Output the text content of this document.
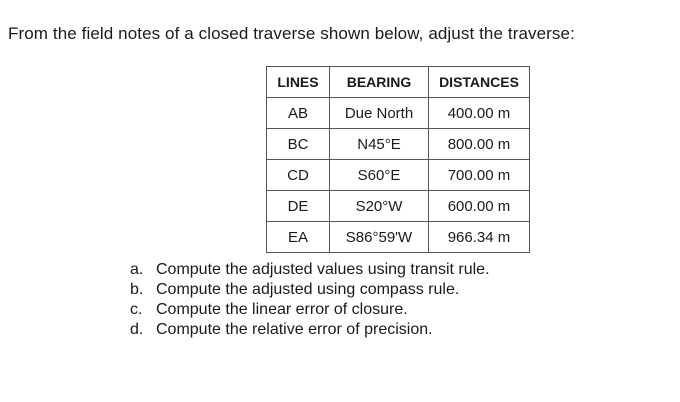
From the field notes of a closed traverse shown below, adjust the traverse:
LINES	BEARING	DISTANCES
AB	Due North	400.00 m
BC	N45°E	800.00 m
CD	S60°E	700.00 m
DE	S20°W	600.00 m
EA	S86°59'W	966.34 m
a. Compute the adjusted values using transit rule.
b. Compute the adjusted using compass rule.
c. Compute the linear error of closure.
d. Compute the relative error of precision.
